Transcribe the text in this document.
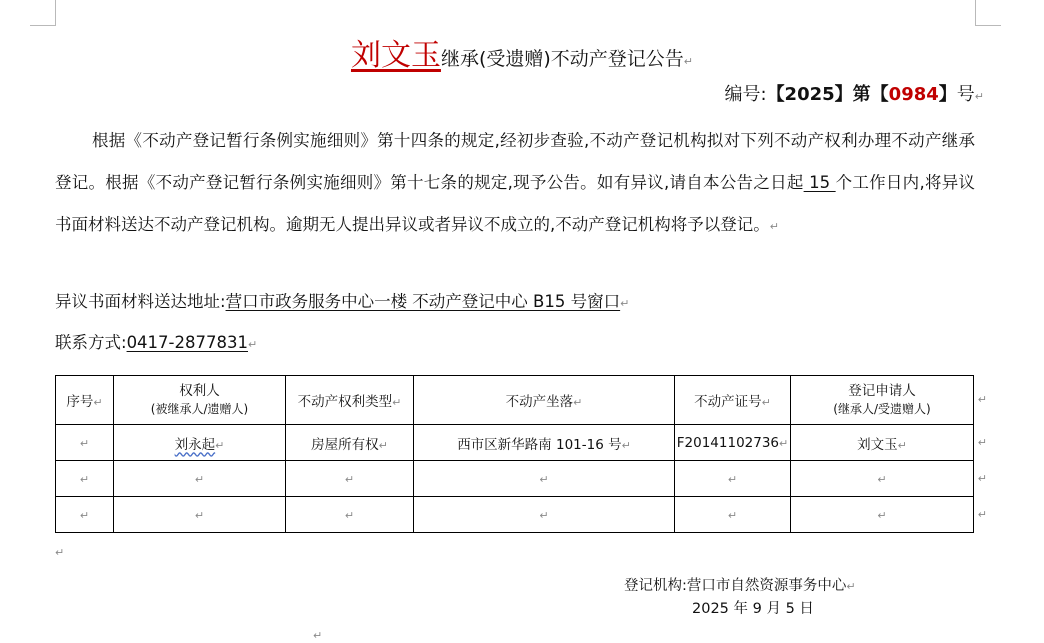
刘文玉继承(受遗赠)不动产登记公告↵
编号:【2025】第【0984】号↵
根据《不动产登记暂行条例实施细则》第十四条的规定,经初步查验,不动产登记机构拟对下列不动产权利办理不动产继承登记。根据《不动产登记暂行条例实施细则》第十七条的规定,现予公告。如有异议,请自本公告之日起 15 个工作日内,将异议书面材料送达不动产登记机构。逾期无人提出异议或者异议不成立的,不动产登记机构将予以登记。↵
异议书面材料送达地址:营口市政务服务中心一楼 不动产登记中心 B15 号窗口↵
联系方式:0417-2877831↵
序号↵	权利人
(被继承人/遗赠人)	不动产权利类型↵	不动产坐落↵	不动产证号↵	登记申请人
(继承人/受遗赠人)
↵

↵	刘永起↵	房屋所有权↵	西市区新华路南 101-16 号↵	F20141102736↵	刘文玉↵ ↵

↵	↵	↵	↵	↵	↵ ↵

↵	↵	↵	↵	↵	↵ ↵
↵
登记机构:营口市自然资源事务中心↵
2025 年 9 月 5 日
↵
